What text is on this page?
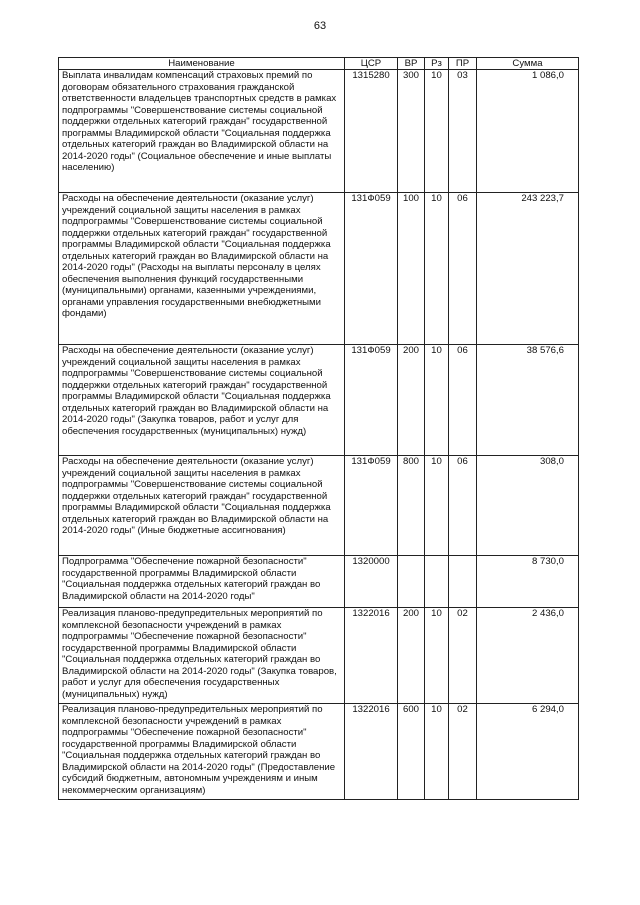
63
Наименование	ЦСР	ВР	Рз	ПР	Сумма
Выплата инвалидам компенсаций страховых премий по договорам обязательного страхования гражданской ответственности владельцев транспортных средств в рамках подпрограммы "Совершенствование системы социальной поддержки отдельных категорий граждан" государственной программы Владимирской области "Социальная поддержка отдельных категорий граждан во Владимирской области на 2014-2020 годы" (Социальное обеспечение и иные выплаты населению)	1315280	300	10	03	1 086,0
Расходы на обеспечение деятельности (оказание услуг) учреждений социальной защиты населения в рамках подпрограммы "Совершенствование системы социальной поддержки отдельных категорий граждан" государственной программы Владимирской области "Социальная поддержка отдельных категорий граждан во Владимирской области на 2014-2020 годы" (Расходы на выплаты персоналу в целях обеспечения выполнения функций государственными (муниципальными) органами, казенными учреждениями, органами управления государственными внебюджетными фондами)	131Ф059	100	10	06	243 223,7
Расходы на обеспечение деятельности (оказание услуг) учреждений социальной защиты населения в рамках подпрограммы "Совершенствование системы социальной поддержки отдельных категорий граждан" государственной программы Владимирской области "Социальная поддержка отдельных категорий граждан во Владимирской области на 2014-2020 годы" (Закупка товаров, работ и услуг для обеспечения государственных (муниципальных) нужд)	131Ф059	200	10	06	38 576,6
Расходы на обеспечение деятельности (оказание услуг) учреждений социальной защиты населения в рамках подпрограммы "Совершенствование системы социальной поддержки отдельных категорий граждан" государственной программы Владимирской области "Социальная поддержка отдельных категорий граждан во Владимирской области на 2014-2020 годы" (Иные бюджетные ассигнования)	131Ф059	800	10	06	308,0
Подпрограмма "Обеспечение пожарной безопасности" государственной программы Владимирской области "Социальная поддержка отдельных категорий граждан во Владимирской области на 2014-2020 годы"	1320000				8 730,0
Реализация планово-предупредительных мероприятий по комплексной безопасности учреждений в рамках подпрограммы "Обеспечение пожарной безопасности" государственной программы Владимирской области "Социальная поддержка отдельных категорий граждан во Владимирской области на 2014-2020 годы" (Закупка товаров, работ и услуг для обеспечения государственных (муниципальных) нужд)	1322016	200	10	02	2 436,0
Реализация планово-предупредительных мероприятий по комплексной безопасности учреждений в рамках подпрограммы "Обеспечение пожарной безопасности" государственной программы Владимирской области "Социальная поддержка отдельных категорий граждан во Владимирской области на 2014-2020 годы" (Предоставление субсидий бюджетным, автономным учреждениям и иным некоммерческим организациям)	1322016	600	10	02	6 294,0
